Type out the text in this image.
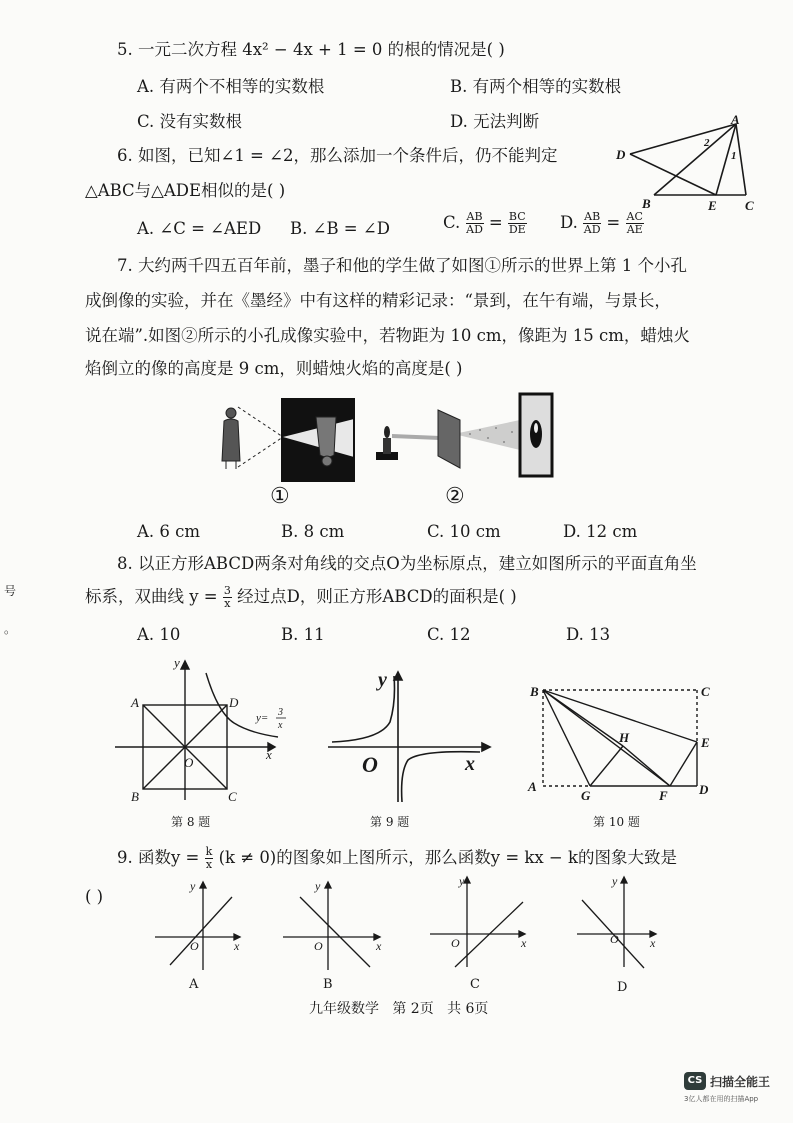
5. 一元二次方程 4x² − 4x + 1 = 0 的根的情况是( )
A. 有两个不相等的实数根	B. 有两个相等的实数根
C. 没有实数根	D. 无法判断
6. 如图，已知∠1 = ∠2，那么添加一个条件后，仍不能判定
△ABC与△ADE相似的是( )
A. ∠C = ∠AED B. ∠B = ∠D	C. $\frac{AB}{AD} = \frac{BC}{DE} D$. $\frac{AB}{AD} = \frac{AC}{AE}$
A
D
B	E C
2
1
7. 大约两千四五百年前，墨子和他的学生做了如图①所示的世界上第 1 个小孔
成倒像的实验，并在《墨经》中有这样的精彩记录：“景到，在午有端，与景长，
说在端”.如图②所示的小孔成像实验中，若物距为 10 cm，像距为 15 cm，蜡烛火
焰倒立的像的高度是 9 cm，则蜡烛火焰的高度是( )
①	②
A. 6 cm	B. 8 cm	C. 10 cm	D. 12 cm
8. 以正方形ABCD两条对角线的交点O为坐标原点，建立如图所示的平面直角坐
标系，双曲线 $y = \frac{3}{x}$ 经过点D，则正方形ABCD的面积是( )
A. 10	B. 11	C. 12	D. 13
y
x
O
A
B	C
D
y= 3
x
第 8 题
y
x
O
第 9 题
B	C
H	E
A
G	F D
第 10 题
9. 函数$y = \frac{k}{x} (k \ne 0)$的图象如上图所示，那么函数y = kx − k的图象大致是
( )
y
x
O
A
y
x
O
B
y
x
O
C
y
x
O
D
九年级数学 第 2页 共 6页
号
。
CS 扫描全能王
3亿人都在用的扫描App
